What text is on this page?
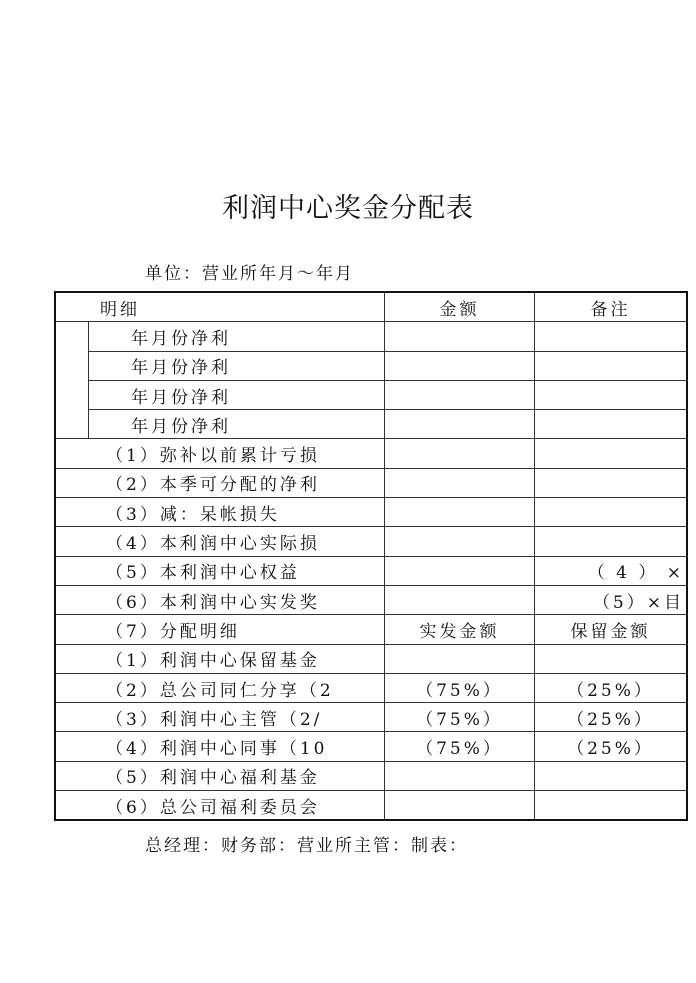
利润中心奖金分配表
单位：营业所年月～年月
明细		金额	备注
	年月份净利		
	年月份净利		
	年月份净利		
	年月份净利		
（1）弥补以前累计亏损			
（2）本季可分配的净利			
（3）减：呆帐损失			
（4）本利润中心实际损			
（5）本利润中心权益			（ 4 ） ×
（6）本利润中心实发奖			（5）×目
（7）分配明细		实发金额	保留金额
（1）利润中心保留基金			
（2）总公司同仁分享（2		（75%）	（25%）
（3）利润中心主管（2/		（75%）	（25%）
（4）利润中心同事（10		（75%）	（25%）
（5）利润中心福利基金			
（6）总公司福利委员会			
总经理：财务部：营业所主管：制表：
